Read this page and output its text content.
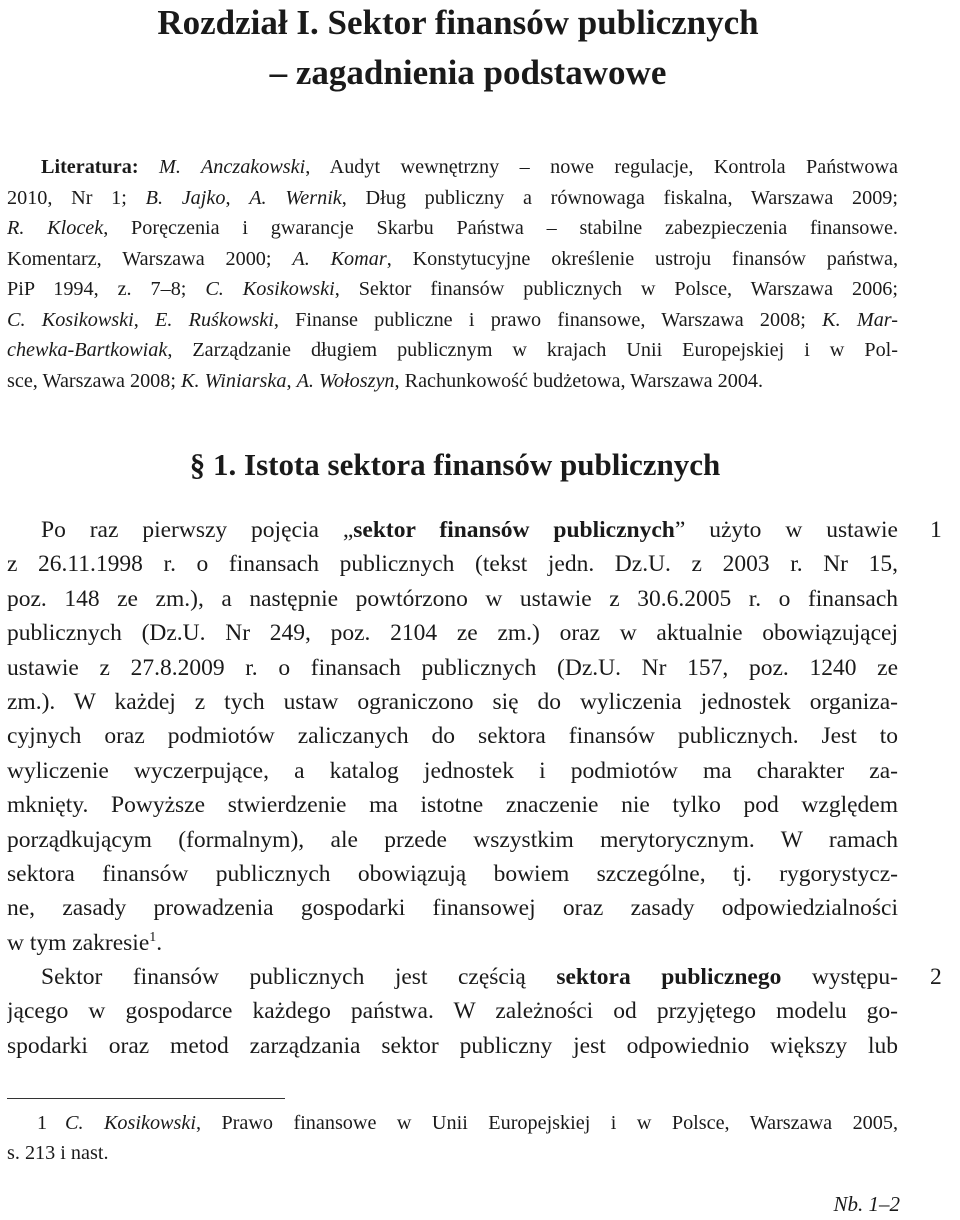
Rozdział I. Sektor finansów publicznych
– zagadnienia podstawowe
Literatura: M. Anczakowski, Audyt wewnętrzny – nowe regulacje, Kontrola Państwowa
2010, Nr 1; B. Jajko, A. Wernik, Dług publiczny a równowaga fiskalna, Warszawa 2009;
R. Klocek, Poręczenia i gwarancje Skarbu Państwa – stabilne zabezpieczenia finansowe.
Komentarz, Warszawa 2000; A. Komar, Konstytucyjne określenie ustroju finansów państwa,
PiP 1994, z. 7–8; C. Kosikowski, Sektor finansów publicznych w Polsce, Warszawa 2006;
C. Kosikowski, E. Ruśkowski, Finanse publiczne i prawo finansowe, Warszawa 2008; K. Mar-
chewka-Bartkowiak, Zarządzanie długiem publicznym w krajach Unii Europejskiej i w Pol-
sce, Warszawa 2008; K. Winiarska, A. Wołoszyn, Rachunkowość budżetowa, Warszawa 2004.
§ 1. Istota sektora finansów publicznych
Po raz pierwszy pojęcia „sektor finansów publicznych” użyto w ustawie
z 26.11.1998 r. o finansach publicznych (tekst jedn. Dz.U. z 2003 r. Nr 15,
poz. 148 ze zm.), a następnie powtórzono w ustawie z 30.6.2005 r. o finansach
publicznych (Dz.U. Nr 249, poz. 2104 ze zm.) oraz w aktualnie obowiązującej
ustawie z 27.8.2009 r. o finansach publicznych (Dz.U. Nr 157, poz. 1240 ze
zm.). W każdej z tych ustaw ograniczono się do wyliczenia jednostek organiza-
cyjnych oraz podmiotów zaliczanych do sektora finansów publicznych. Jest to
wyliczenie wyczerpujące, a katalog jednostek i podmiotów ma charakter za-
mknięty. Powyższe stwierdzenie ma istotne znaczenie nie tylko pod względem
porządkującym (formalnym), ale przede wszystkim merytorycznym. W ramach
sektora finansów publicznych obowiązują bowiem szczególne, tj. rygorystycz-
ne, zasady prowadzenia gospodarki finansowej oraz zasady odpowiedzialności
w tym zakresie$^1$.
Sektor finansów publicznych jest częścią sektora publicznego występu-
jącego w gospodarce każdego państwa. W zależności od przyjętego modelu go-
spodarki oraz metod zarządzania sektor publiczny jest odpowiednio większy lub
1
2
1 C. Kosikowski, Prawo finansowe w Unii Europejskiej i w Polsce, Warszawa 2005,
s. 213 i nast.
Nb. 1–2
